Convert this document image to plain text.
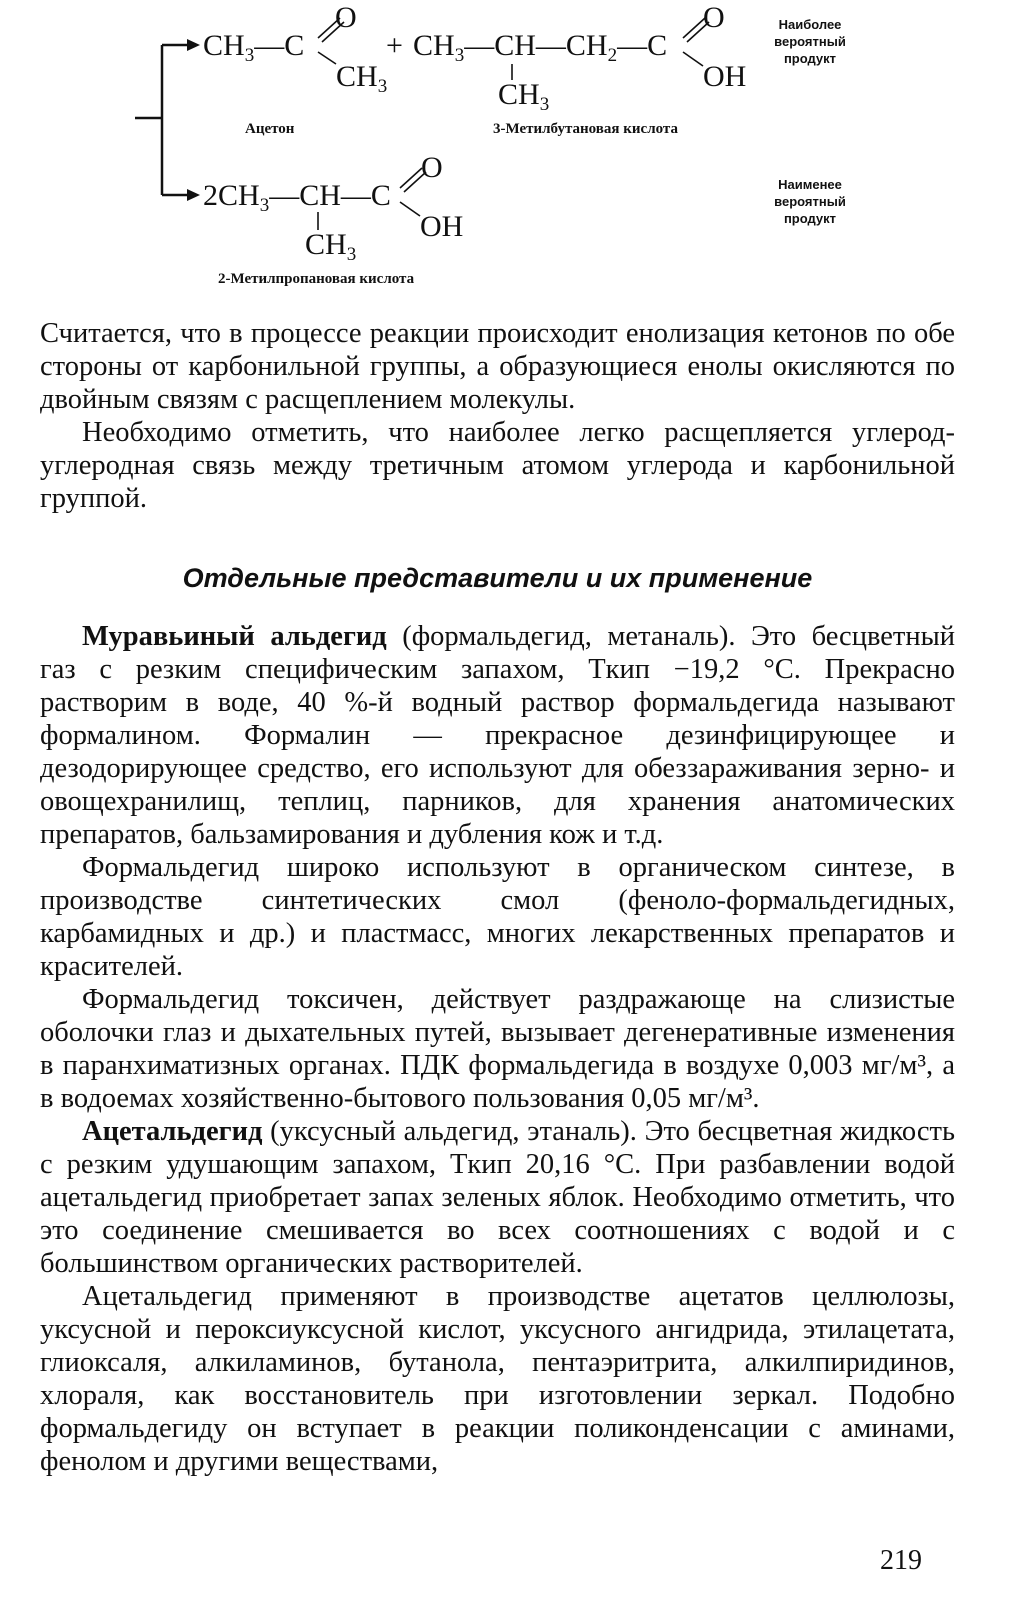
$CH_3—C$
O
$CH_3$
+ $CH_3—CH—CH_2—C$
O
OH
$CH_3$
Ацетон	3-Метилбутановая кислота
Наиболее
вероятный
продукт
$2CH_3—CH—C$
O
OH
$CH_3$
2-Метилпропановая кислота
Наименее
вероятный
продукт

Считается, что в процессе реакции происходит енолизация кетонов по обе стороны от карбонильной группы, а образующиеся енолы окисляются по двойным связям с расщеплением молекулы.

Необходимо отметить, что наиболее легко расщепляется углерод-углеродная связь между третичным атомом углерода и карбонильной группой.

Отдельные представители и их применение

Муравьиный альдегид (формальдегид, метаналь). Это бесцветный газ с резким специфическим запахом, Tкип −19,2 °C. Прекрасно растворим в воде, 40 %-й водный раствор формальдегида называют формалином. Формалин — прекрасное дезинфицирующее и дезодорирующее средство, его используют для обеззараживания зерно- и овощехранилищ, теплиц, парников, для хранения анатомических препаратов, бальзамирования и дубления кож и т.д.

Формальдегид широко используют в органическом синтезе, в производстве синтетических смол (феноло-формальдегидных, карбамидных и др.) и пластмасс, многих лекарственных препаратов и красителей.

Формальдегид токсичен, действует раздражающе на слизистые оболочки глаз и дыхательных путей, вызывает дегенеративные изменения в паранхиматизных органах. ПДК формальдегида в воздухе 0,003 мг/м³, а в водоемах хозяйственно-бытового пользования 0,05 мг/м³.

Ацетальдегид (уксусный альдегид, этаналь). Это бесцветная жидкость с резким удушающим запахом, Tкип 20,16 °C. При разбавлении водой ацетальдегид приобретает запах зеленых яблок. Необходимо отметить, что это соединение смешивается во всех соотношениях с водой и с большинством органических растворителей.

Ацетальдегид применяют в производстве ацетатов целлюлозы, уксусной и пероксиуксусной кислот, уксусного ангидрида, этилацетата, глиоксаля, алкиламинов, бутанола, пентаэритрита, алкилпиридинов, хлораля, как восстановитель при изготовлении зеркал. Подобно формальдегиду он вступает в реакции поликонденсации с аминами, фенолом и другими веществами,

219
